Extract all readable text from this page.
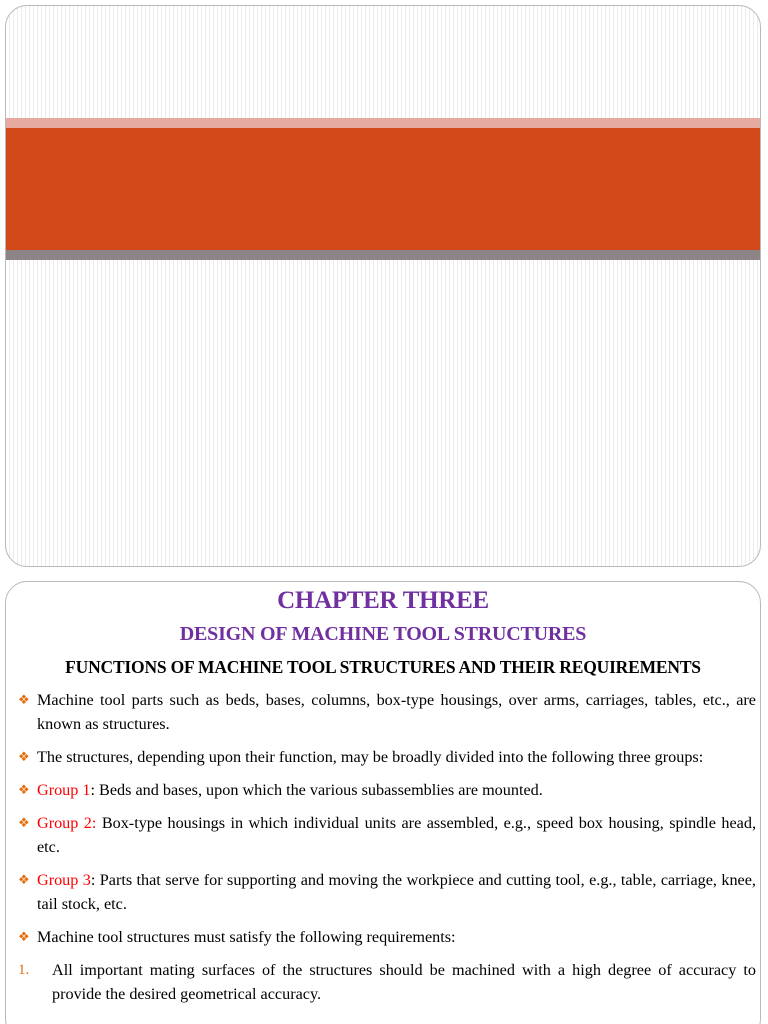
CHAPTER THREE
DESIGN OF MACHINE TOOL STRUCTURES
FUNCTIONS OF MACHINE TOOL STRUCTURES AND THEIR REQUIREMENTS
❖ Machine tool parts such as beds, bases, columns, box-type housings, over arms, carriages, tables, etc., are known as structures.
❖ The structures, depending upon their function, may be broadly divided into the following three groups:
❖ Group 1: Beds and bases, upon which the various subassemblies are mounted.
❖ Group 2: Box-type housings in which individual units are assembled, e.g., speed box housing, spindle head, etc.
❖ Group 3: Parts that serve for supporting and moving the workpiece and cutting tool, e.g., table, carriage, knee, tail stock, etc.
❖ Machine tool structures must satisfy the following requirements:
1. All important mating surfaces of the structures should be machined with a high degree of accuracy to provide the desired geometrical accuracy.
